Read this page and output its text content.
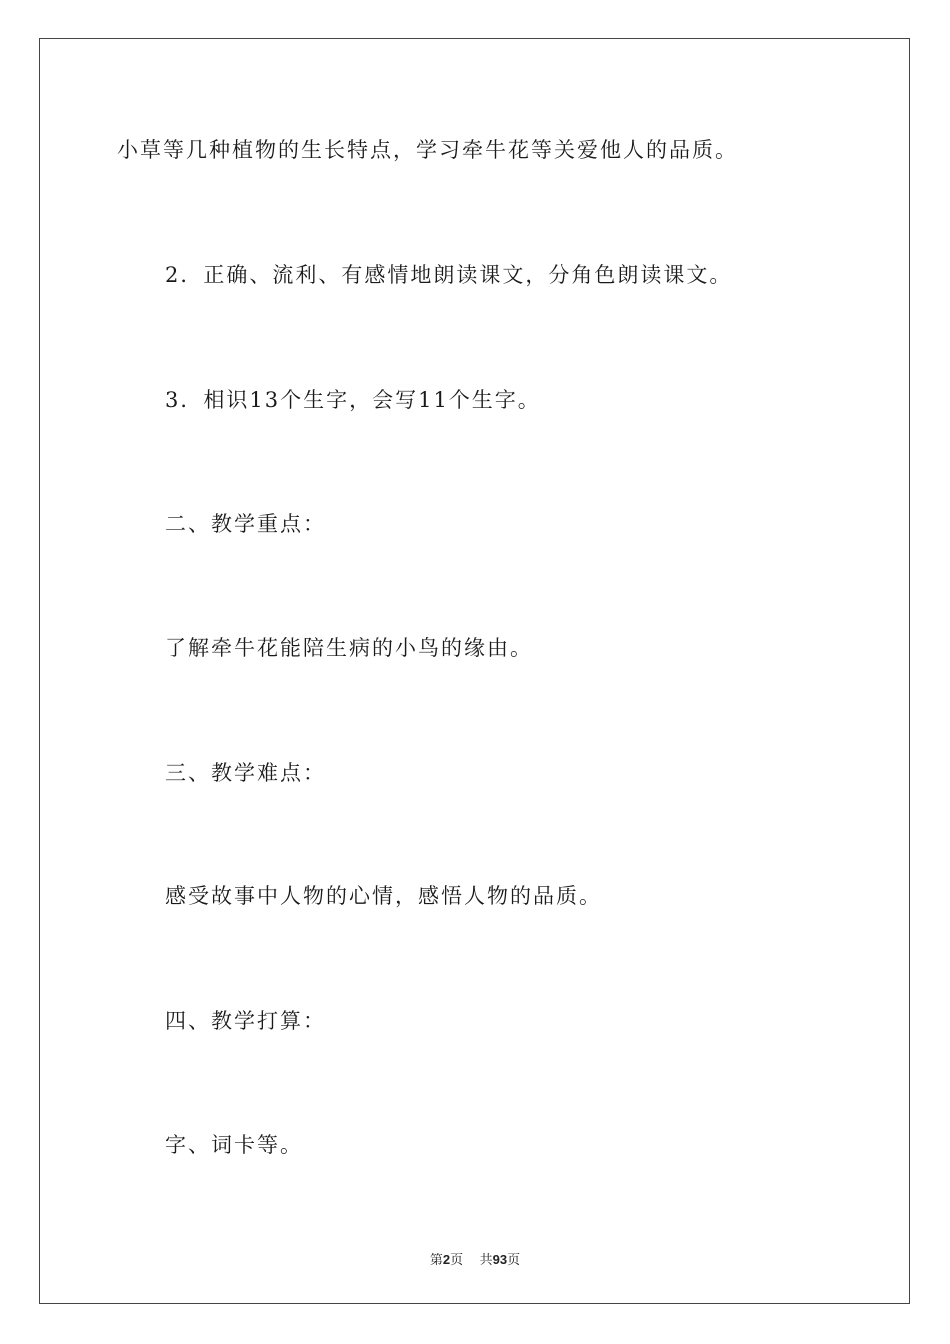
小草等几种植物的生长特点，学习牵牛花等关爱他人的品质。
2．正确、流利、有感情地朗读课文，分角色朗读课文。
3．相识13个生字，会写11个生字。
二、教学重点：
了解牵牛花能陪生病的小鸟的缘由。
三、教学难点：
感受故事中人物的心情，感悟人物的品质。
四、教学打算：
字、词卡等。
第2页 共93页
